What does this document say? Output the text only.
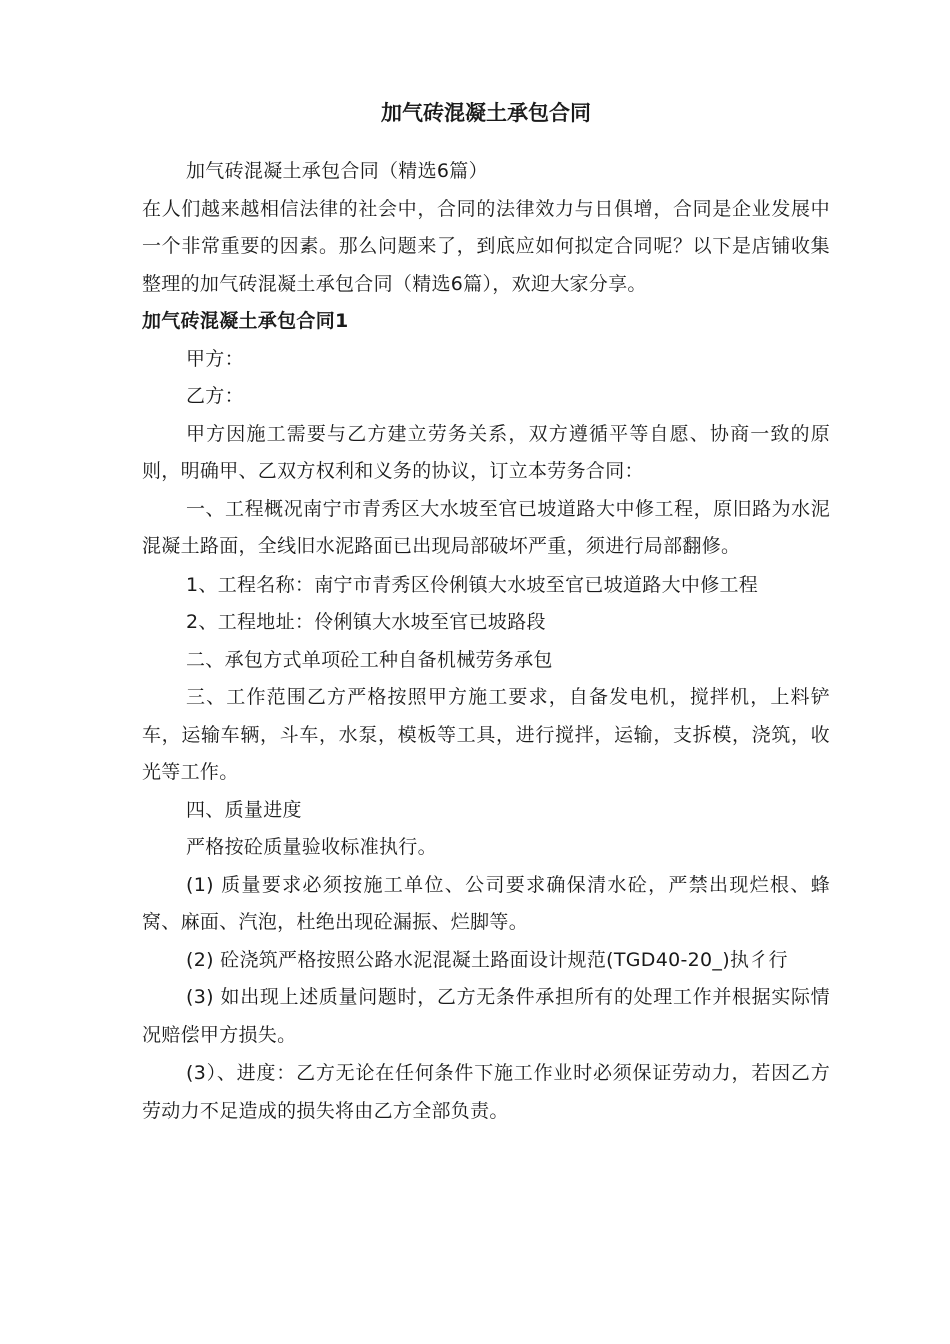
加气砖混凝土承包合同

加气砖混凝土承包合同（精选6篇）

在人们越来越相信法律的社会中，合同的法律效力与日俱增，合同是企业发展中一个非常重要的因素。那么问题来了，到底应如何拟定合同呢？以下是店铺收集整理的加气砖混凝土承包合同（精选6篇），欢迎大家分享。

加气砖混凝土承包合同1

甲方：

乙方：

甲方因施工需要与乙方建立劳务关系，双方遵循平等自愿、协商一致的原则，明确甲、乙双方权利和义务的协议，订立本劳务合同：

一、工程概况南宁市青秀区大水坡至官已坡道路大中修工程，原旧路为水泥混凝土路面，全线旧水泥路面已出现局部破坏严重，须进行局部翻修。

1、工程名称：南宁市青秀区伶俐镇大水坡至官已坡道路大中修工程

2、工程地址：伶俐镇大水坡至官已坡路段

二、承包方式单项砼工种自备机械劳务承包

三、工作范围乙方严格按照甲方施工要求，自备发电机，搅拌机，上料铲车，运输车辆，斗车，水泵，模板等工具，进行搅拌，运输，支拆模，浇筑，收光等工作。

四、质量进度

严格按砼质量验收标准执行。

(1) 质量要求必须按施工单位、公司要求确保清水砼，严禁出现烂根、蜂窝、麻面、汽泡，杜绝出现砼漏振、烂脚等。

(2) 砼浇筑严格按照公路水泥混凝土路面设计规范(TGD40-20_)执彳行

(3) 如出现上述质量问题时，乙方无条件承担所有的处理工作并根据实际情况赔偿甲方损失。

(3）、进度：乙方无论在任何条件下施工作业时必须保证劳动力，若因乙方劳动力不足造成的损失将由乙方全部负责。
